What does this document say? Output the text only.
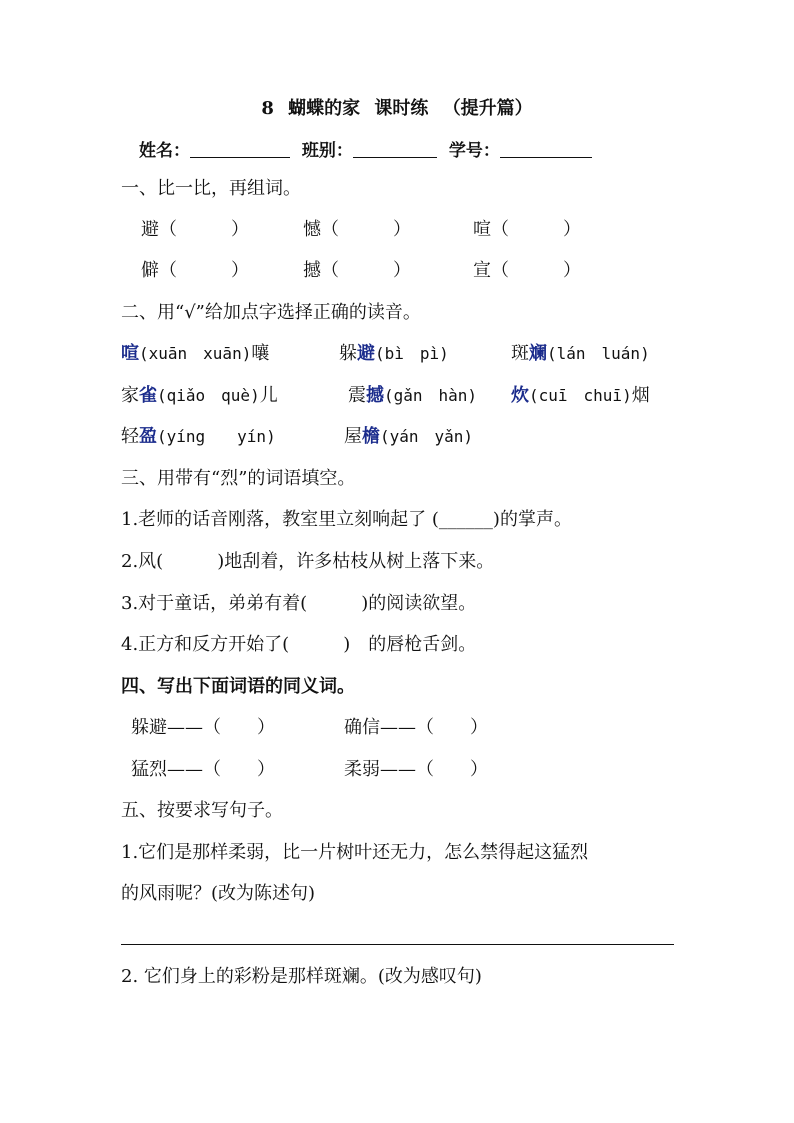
8 蝴蝶的家 课时练 （提升篇）
姓名：	班别：	学号：
一、比一比，再组词。
避（　　　）	憾（　　　）	喧（　　　）
僻（　　　）	撼（　　　）	宣（　　　）
二、用“√”给加点字选择正确的读音。
喧(xuān　xuān)嚷	躲避(bì　pì)	斑斓(lán　luán)
家雀(qiǎo　què)儿	震撼(gǎn　hàn) 炊(cuī　chuī)烟
轻盈(yíng　　yín)	屋檐(yán　yǎn)
三、用带有“烈”的词语填空。
1.老师的话音刚落，教室里立刻响起了 (______)的掌声。
2.风(　　　)地刮着，许多枯枝从树上落下来。
3.对于童话，弟弟有着(　　　)的阅读欲望。
4.正方和反方开始了(　　　)　的唇枪舌剑。
四、写出下面词语的同义词。
躲避——（　　）	确信——（　　）
猛烈——（　　）	柔弱——（　　）
五、按要求写句子。
1.它们是那样柔弱，比一片树叶还无力，怎么禁得起这猛烈
的风雨呢？(改为陈述句)
2. 它们身上的彩粉是那样斑斓。(改为感叹句)
